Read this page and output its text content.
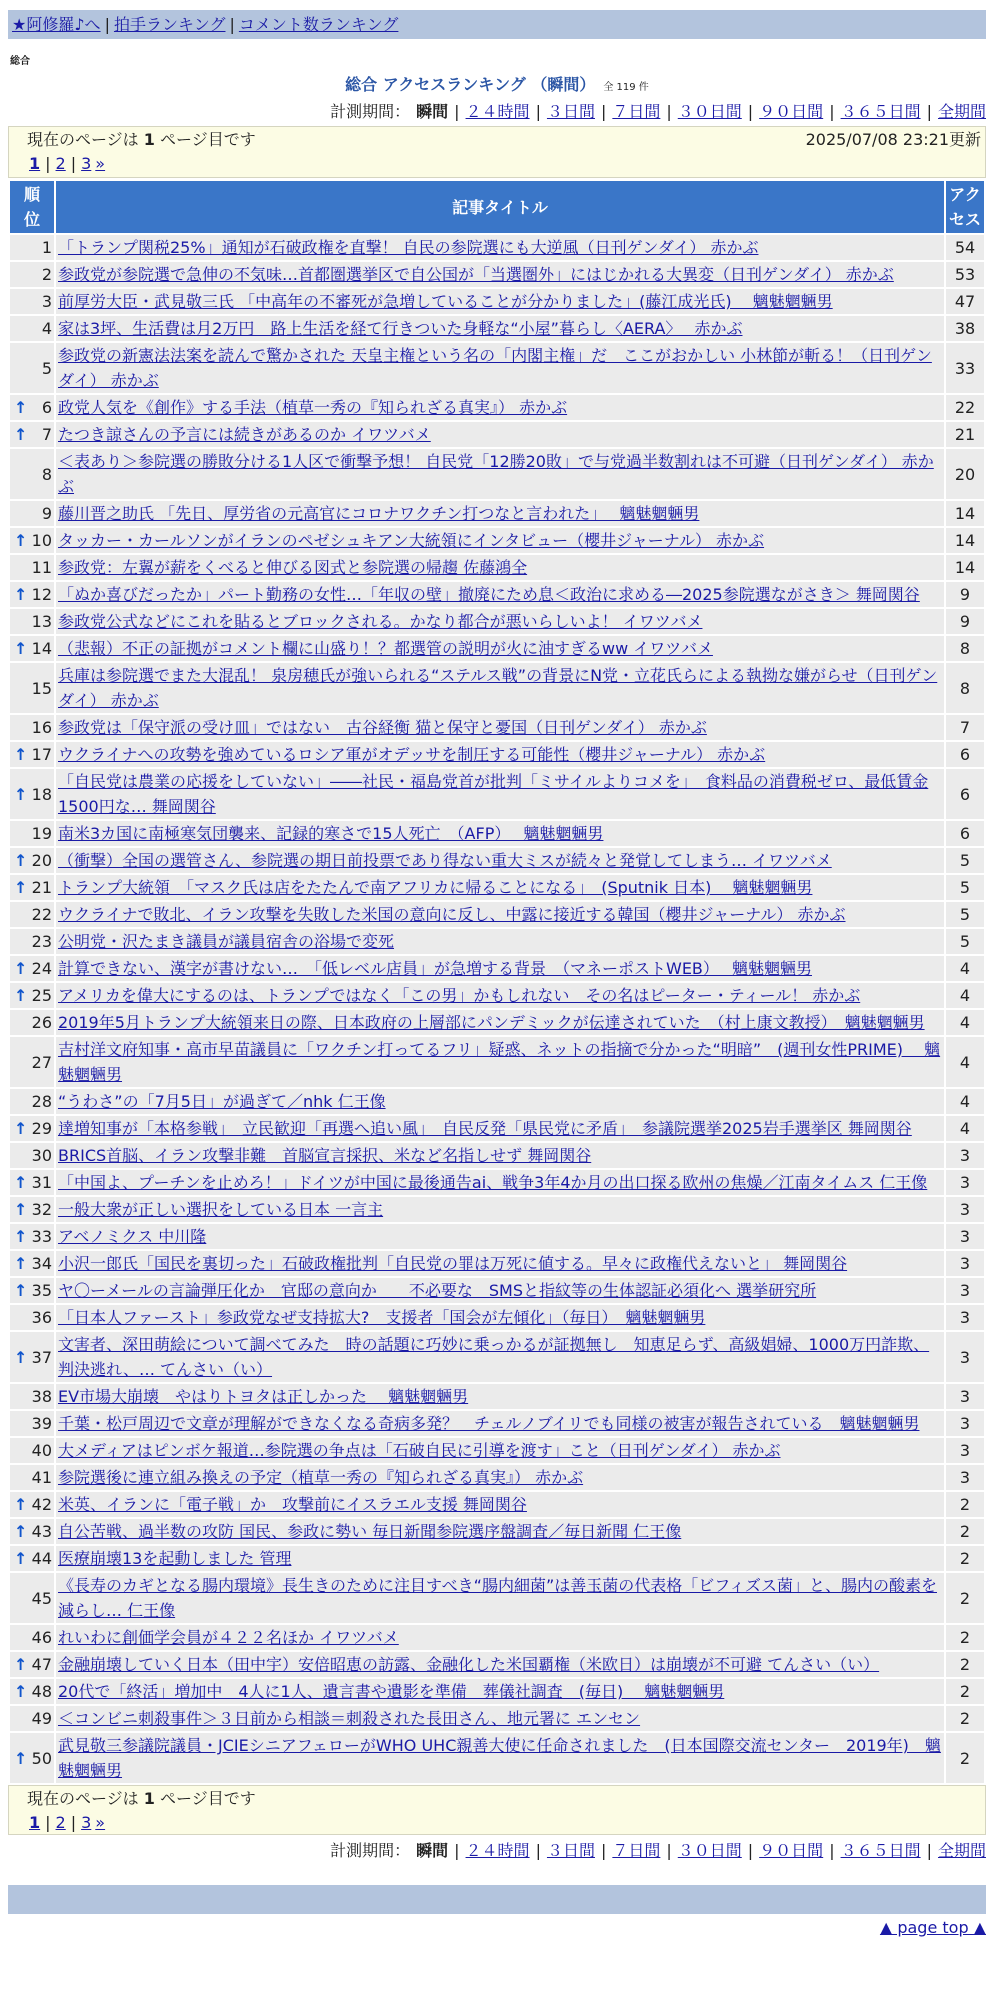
★阿修羅♪へ | 拍手ランキング | コメント数ランキング
総合
総合 アクセスランキング （瞬間） 全 119 件
計測期間： 瞬間 | ２４時間 | ３日間 | ７日間 | ３０日間 | ９０日間 | ３６５日間 | 全期間
現在のページは 1 ページ目です	2025/07/08 23:21更新
1 | 2 | 3 »
順位	記事タイトル	アクセス
1	「トランプ関税25%」通知が石破政権を直撃！ 自民の参院選にも大逆風（日刊ゲンダイ） 赤かぶ	54
2	参政党が参院選で急伸の不気味…首都圏選挙区で自公国が「当選圏外」にはじかれる大異変（日刊ゲンダイ） 赤かぶ	53
3	前厚労大臣・武見敬三氏 「中高年の不審死が急増していることが分かりました」(藤江成光氏)　 魑魅魍魎男	47
4	家は3坪、生活費は月2万円　路上生活を経て行きついた身軽な“小屋”暮らし〈AERA〉　 赤かぶ	38
5	参政党の新憲法法案を読んで驚かされた 天皇主権という名の「内閣主権」だ　ここがおかしい 小林節が斬る！（日刊ゲンダイ） 赤かぶ	33

↑ 6	政党人気を《創作》する手法（植草一秀の『知られざる真実』） 赤かぶ	22

↑ 7	たつき諒さんの予言には続きがあるのか イワツバメ	21
8	＜表あり＞参院選の勝敗分ける1人区で衝撃予想！ 自民党「12勝20敗」で与党過半数割れは不可避（日刊ゲンダイ） 赤かぶ	20
9	藤川晋之助氏 「先日、厚労省の元高官にコロナワクチン打つなと言われた」　 魑魅魍魎男	14

↑ 10	タッカー・カールソンがイランのペゼシュキアン大統領にインタビュー（櫻井ジャーナル） 赤かぶ	14
11	参政党：左翼が薪をくべると伸びる図式と参院選の帰趨 佐藤鴻全	14

↑ 12	「ぬか喜びだったか」パート勤務の女性…「年収の壁」撤廃にため息＜政治に求める―2025参院選ながさき＞ 舞岡関谷	9
13	参政党公式などにこれを貼るとブロックされる。かなり都合が悪いらしいよ！ イワツバメ	9

↑ 14	（悲報）不正の証拠がコメント欄に山盛り！？都選管の説明が火に油すぎるww イワツバメ	8
15	兵庫は参院選でまた大混乱！ 泉房穂氏が強いられる“ステルス戦”の背景にN党・立花氏らによる執拗な嫌がらせ（日刊ゲンダイ） 赤かぶ	8
16	参政党は「保守派の受け皿」ではない　古谷経衡 猫と保守と憂国（日刊ゲンダイ） 赤かぶ	7

↑ 17	ウクライナへの攻勢を強めているロシア軍がオデッサを制圧する可能性（櫻井ジャーナル） 赤かぶ	6

↑ 18	「自民党は農業の応援をしていない」――社民・福島党首が批判「ミサイルよりコメを」　食料品の消費税ゼロ、最低賃金1500円な… 舞岡関谷	6
19	南米3カ国に南極寒気団襲来、記録的寒さで15人死亡　（AFP）　 魑魅魍魎男	6

↑ 20	（衝撃）全国の選管さん、参院選の期日前投票であり得ない重大ミスが続々と発覚してしまう… イワツバメ	5

↑ 21	トランプ大統領　「マスク氏は店をたたんで南アフリカに帰ることになる」　(Sputnik 日本)　 魑魅魍魎男	5
22	ウクライナで敗北、イラン攻撃を失敗した米国の意向に反し、中露に接近する韓国（櫻井ジャーナル） 赤かぶ	5
23	公明党・沢たまき議員が議員宿舎の浴場で変死	5

↑ 24	計算できない、漢字が書けない…　「低レベル店員」が急増する背景　（マネーポストWEB）　 魑魅魍魎男	4

↑ 25	アメリカを偉大にするのは、トランプではなく「この男」かもしれない　その名はピーター・ティール！ 赤かぶ	4
26	2019年5月トランプ大統領来日の際、日本政府の上層部にパンデミックが伝達されていた　（村上康文教授）　魑魅魍魎男	4
27	吉村洋文府知事・高市早苗議員に「ワクチン打ってるフリ」疑惑、ネットの指摘で分かった“明暗”　(週刊女性PRIME)　 魑魅魍魎男	4
28	“うわさ”の「7月5日」が過ぎて／nhk 仁王像	4

↑ 29	達増知事が「本格参戦」　立民歓迎「再選へ追い風」　自民反発「県民党に矛盾」　参議院選挙2025岩手選挙区 舞岡関谷	4
30	BRICS首脳、イラン攻撃非難　首脳宣言採択、米など名指しせず 舞岡関谷	3

↑ 31	「中国よ、プーチンを止めろ！」ドイツが中国に最後通告ai、戦争3年4か月の出口探る欧州の焦燥／江南タイムス 仁王像	3

↑ 32	一般大衆が正しい選択をしている日本 一言主	3

↑ 33	アベノミクス 中川隆	3

↑ 34	小沢一郎氏「国民を裏切った」石破政権批判「自民党の罪は万死に値する。早々に政権代えないと」 舞岡関谷	3

↑ 35	ヤ〇ーメールの言論弾圧化か　官邸の意向か　　不必要な　SMSと指紋等の生体認証必須化へ 選挙研究所	3
36	「日本人ファースト」参政党なぜ支持拡大?　支援者「国会が左傾化」（毎日）　魑魅魍魎男	3

↑ 37	文害者、深田萌絵について調べてみた　時の話題に巧妙に乗っかるが証拠無し　知恵足らず、高級娼婦、1000万円詐欺、判決逃れ、… てんさい（い）	3
38	EV市場大崩壊　やはりトヨタは正しかった　 魑魅魍魎男	3
39	千葉・松戸周辺で文章が理解ができなくなる奇病多発？　チェルノブイリでも同様の被害が報告されている　魑魅魍魎男	3
40	大メディアはピンボケ報道…参院選の争点は「石破自民に引導を渡す」こと（日刊ゲンダイ） 赤かぶ	3
41	参院選後に連立組み換えの予定（植草一秀の『知られざる真実』） 赤かぶ	3

↑ 42	米英、イランに「電子戦」か　攻撃前にイスラエル支援 舞岡関谷	2

↑ 43	自公苦戦、過半数の攻防 国民、参政に勢い 毎日新聞参院選序盤調査／毎日新聞 仁王像	2

↑ 44	医療崩壊13を起動しました 管理	2
45	《長寿のカギとなる腸内環境》長生きのために注目すべき“腸内細菌”は善玉菌の代表格「ビフィズス菌」と、腸内の酸素を減らし… 仁王像	2
46	れいわに創価学会員が４２２名ほか イワツバメ	2

↑ 47	金融崩壊していく日本（田中宇）安倍昭恵の訪露、金融化した米国覇権（米欧日）は崩壊が不可避 てんさい（い）	2

↑ 48	20代で「終活」増加中　4人に1人、遺言書や遺影を準備　葬儀社調査　(毎日)　 魑魅魍魎男	2
49	＜コンビニ刺殺事件＞３日前から相談＝刺殺された長田さん、地元署に エンセン	2

↑ 50	武見敬三参議院議員・JCIEシニアフェローがWHO UHC親善大使に任命されました　(日本国際交流センター　2019年)　魑魅魍魎男	2
現在のページは 1 ページ目です
1 | 2 | 3 »
計測期間： 瞬間 | ２４時間 | ３日間 | ７日間 | ３０日間 | ９０日間 | ３６５日間 | 全期間
▲ page top ▲
